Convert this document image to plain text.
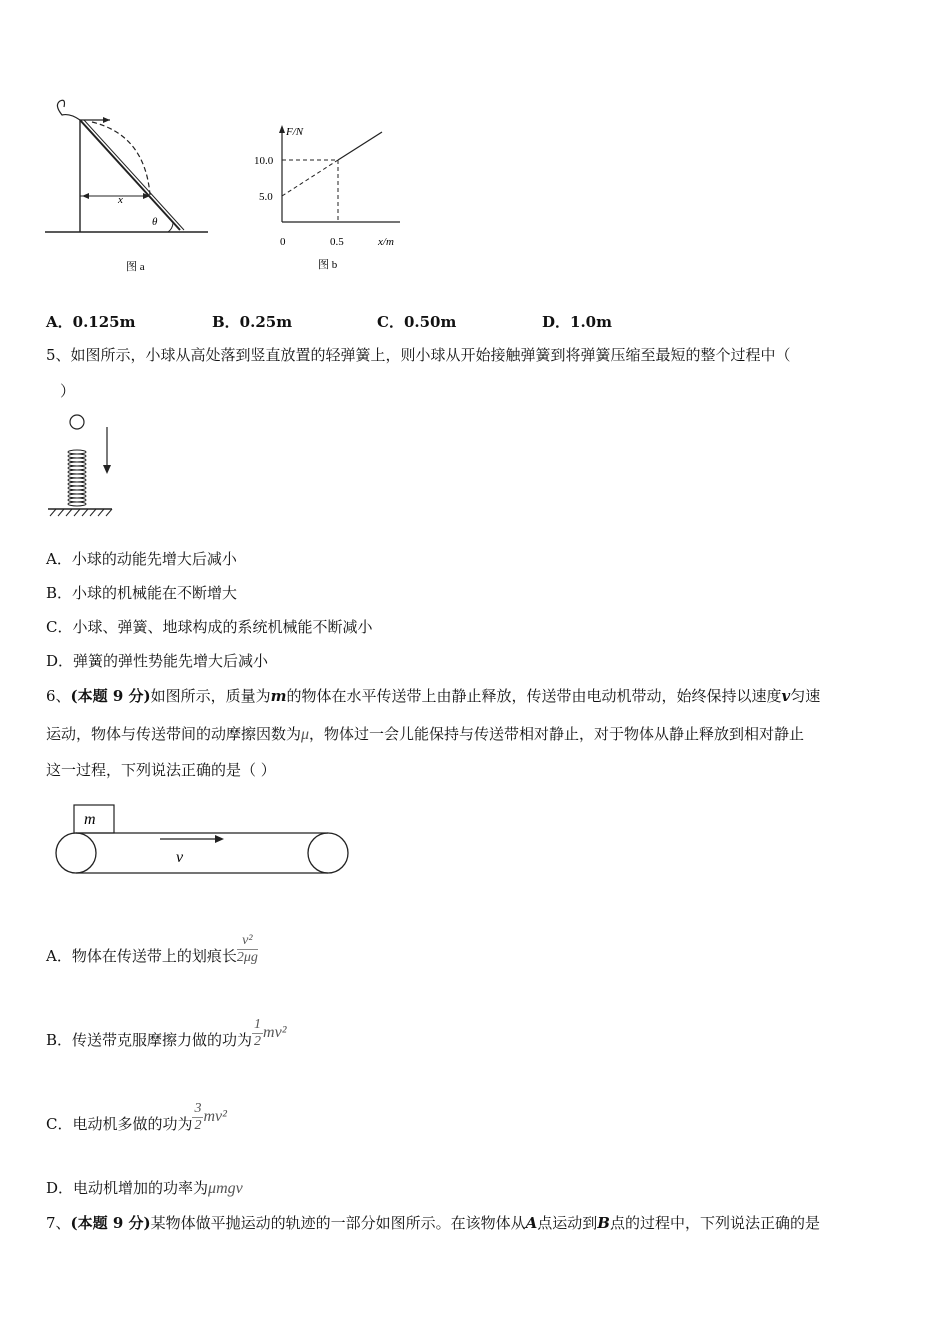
x
θ
图 a
F/N
10.0
5.0
0	0.5	x/m
图 b
A．0.125m	B．0.25m	C．0.50m	D．1.0m
5、如图所示，小球从高处落到竖直放置的轻弹簧上，则小球从开始接触弹簧到将弹簧压缩至最短的整个过程中（
）
A．小球的动能先增大后减小
B．小球的机械能在不断增大
C．小球、弹簧、地球构成的系统机械能不断减小
D．弹簧的弹性势能先增大后减小
6、(本题 9 分)如图所示，质量为m的物体在水平传送带上由静止释放，传送带由电动机带动，始终保持以速度v匀速
运动，物体与传送带间的动摩擦因数为μ，物体过一会儿能保持与传送带相对静止，对于物体从静止释放到相对静止
这一过程，下列说法正确的是（ ）
m
v
A．物体在传送带上的划痕长 $\frac{\text{v²}}{2\mu g}$
B．传送带克服摩擦力做的功为 $\frac{1}{2} mv^2$
C．电动机多做的功为 $\frac{3}{2} mv^2$
D．电动机增加的功率为μmgv
7、(本题 9 分)某物体做平抛运动的轨迹的一部分如图所示。在该物体从A点运动到B点的过程中，下列说法正确的是
